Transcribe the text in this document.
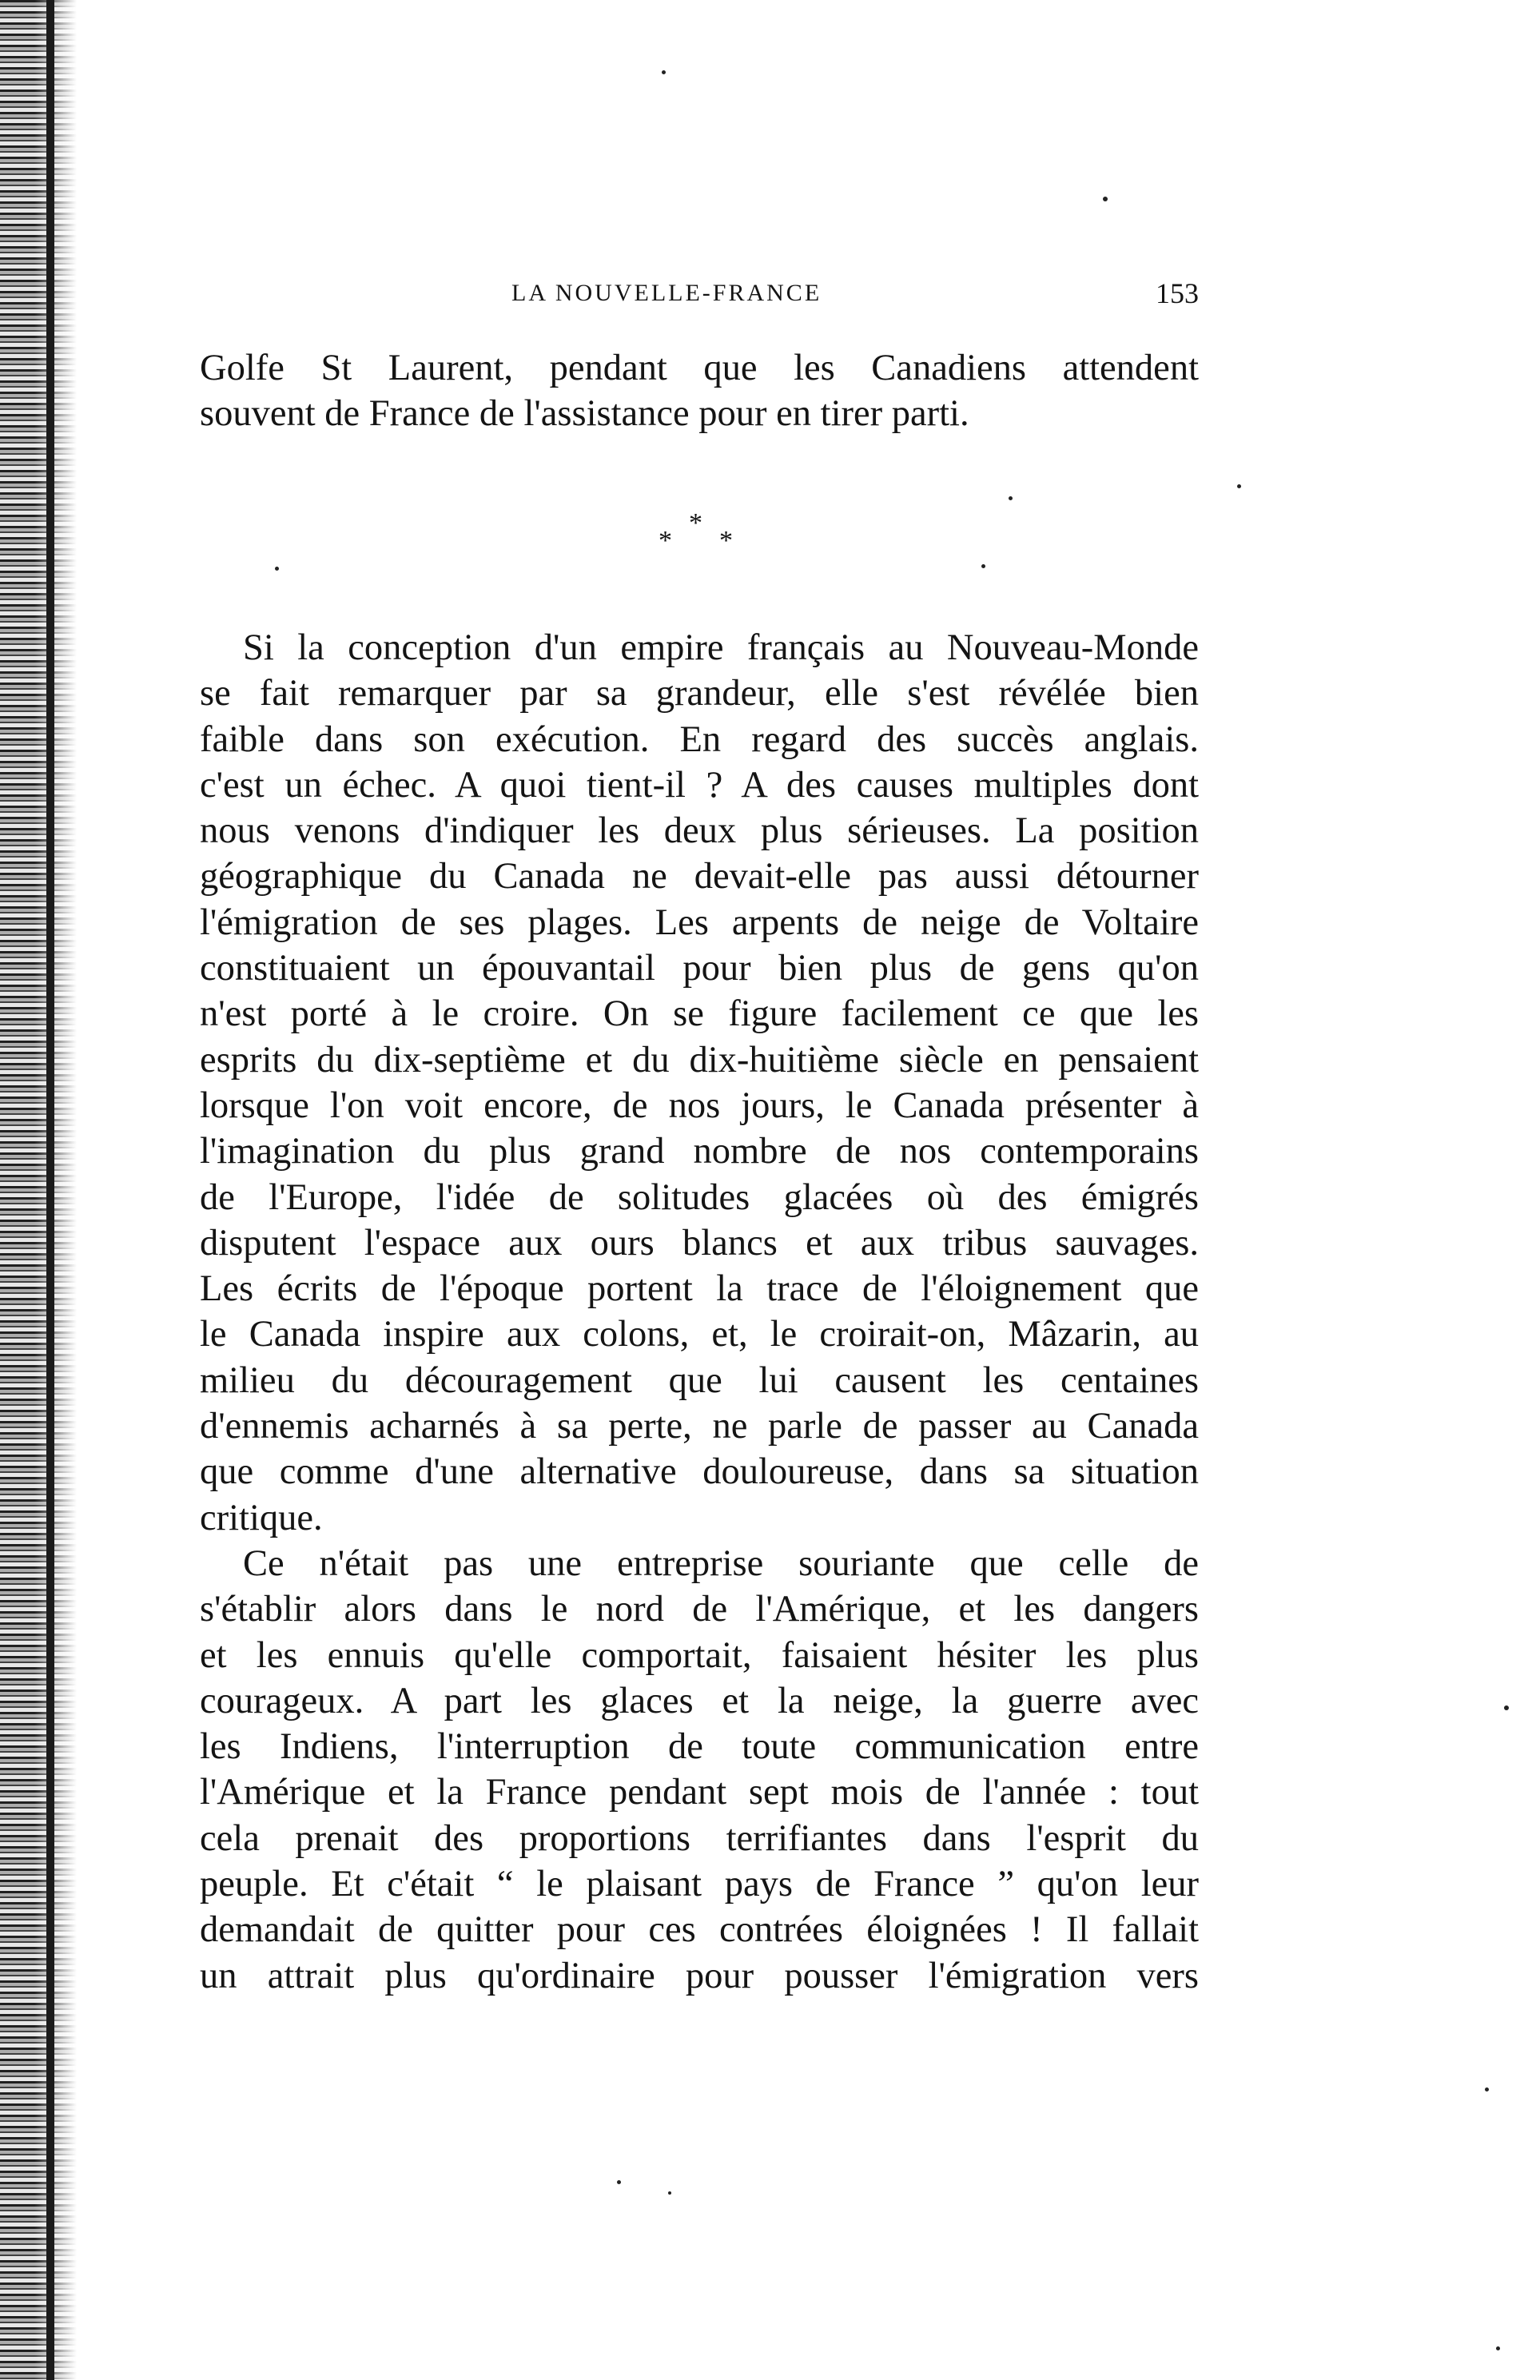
LA NOUVELLE-FRANCE	153

Golfe St Laurent, pendant que les Canadiens attendent
souvent de France de l'assistance pour en tirer parti.

*
*
*

Si la conception d'un empire français au Nouveau-Monde
se fait remarquer par sa grandeur, elle s'est révélée bien
faible dans son exécution. En regard des succès anglais.
c'est un échec. A quoi tient-il ? A des causes multiples dont
nous venons d'indiquer les deux plus sérieuses. La position
géographique du Canada ne devait-elle pas aussi détourner
l'émigration de ses plages. Les arpents de neige de Voltaire
constituaient un épouvantail pour bien plus de gens qu'on
n'est porté à le croire. On se figure facilement ce que les
esprits du dix-septième et du dix-huitième siècle en pensaient
lorsque l'on voit encore, de nos jours, le Canada présenter à
l'imagination du plus grand nombre de nos contemporains
de l'Europe, l'idée de solitudes glacées où des émigrés
disputent l'espace aux ours blancs et aux tribus sauvages.
Les écrits de l'époque portent la trace de l'éloignement que
le Canada inspire aux colons, et, le croirait-on, Mâzarin, au
milieu du découragement que lui causent les centaines
d'ennemis acharnés à sa perte, ne parle de passer au Canada
que comme d'une alternative douloureuse, dans sa situation
critique.

Ce n'était pas une entreprise souriante que celle de
s'établir alors dans le nord de l'Amérique, et les dangers
et les ennuis qu'elle comportait, faisaient hésiter les plus
courageux. A part les glaces et la neige, la guerre avec
les Indiens, l'interruption de toute communication entre
l'Amérique et la France pendant sept mois de l'année : tout
cela prenait des proportions terrifiantes dans l'esprit du
peuple. Et c'était “ le plaisant pays de France ” qu'on leur
demandait de quitter pour ces contrées éloignées ! Il fallait
un attrait plus qu'ordinaire pour pousser l'émigration vers
